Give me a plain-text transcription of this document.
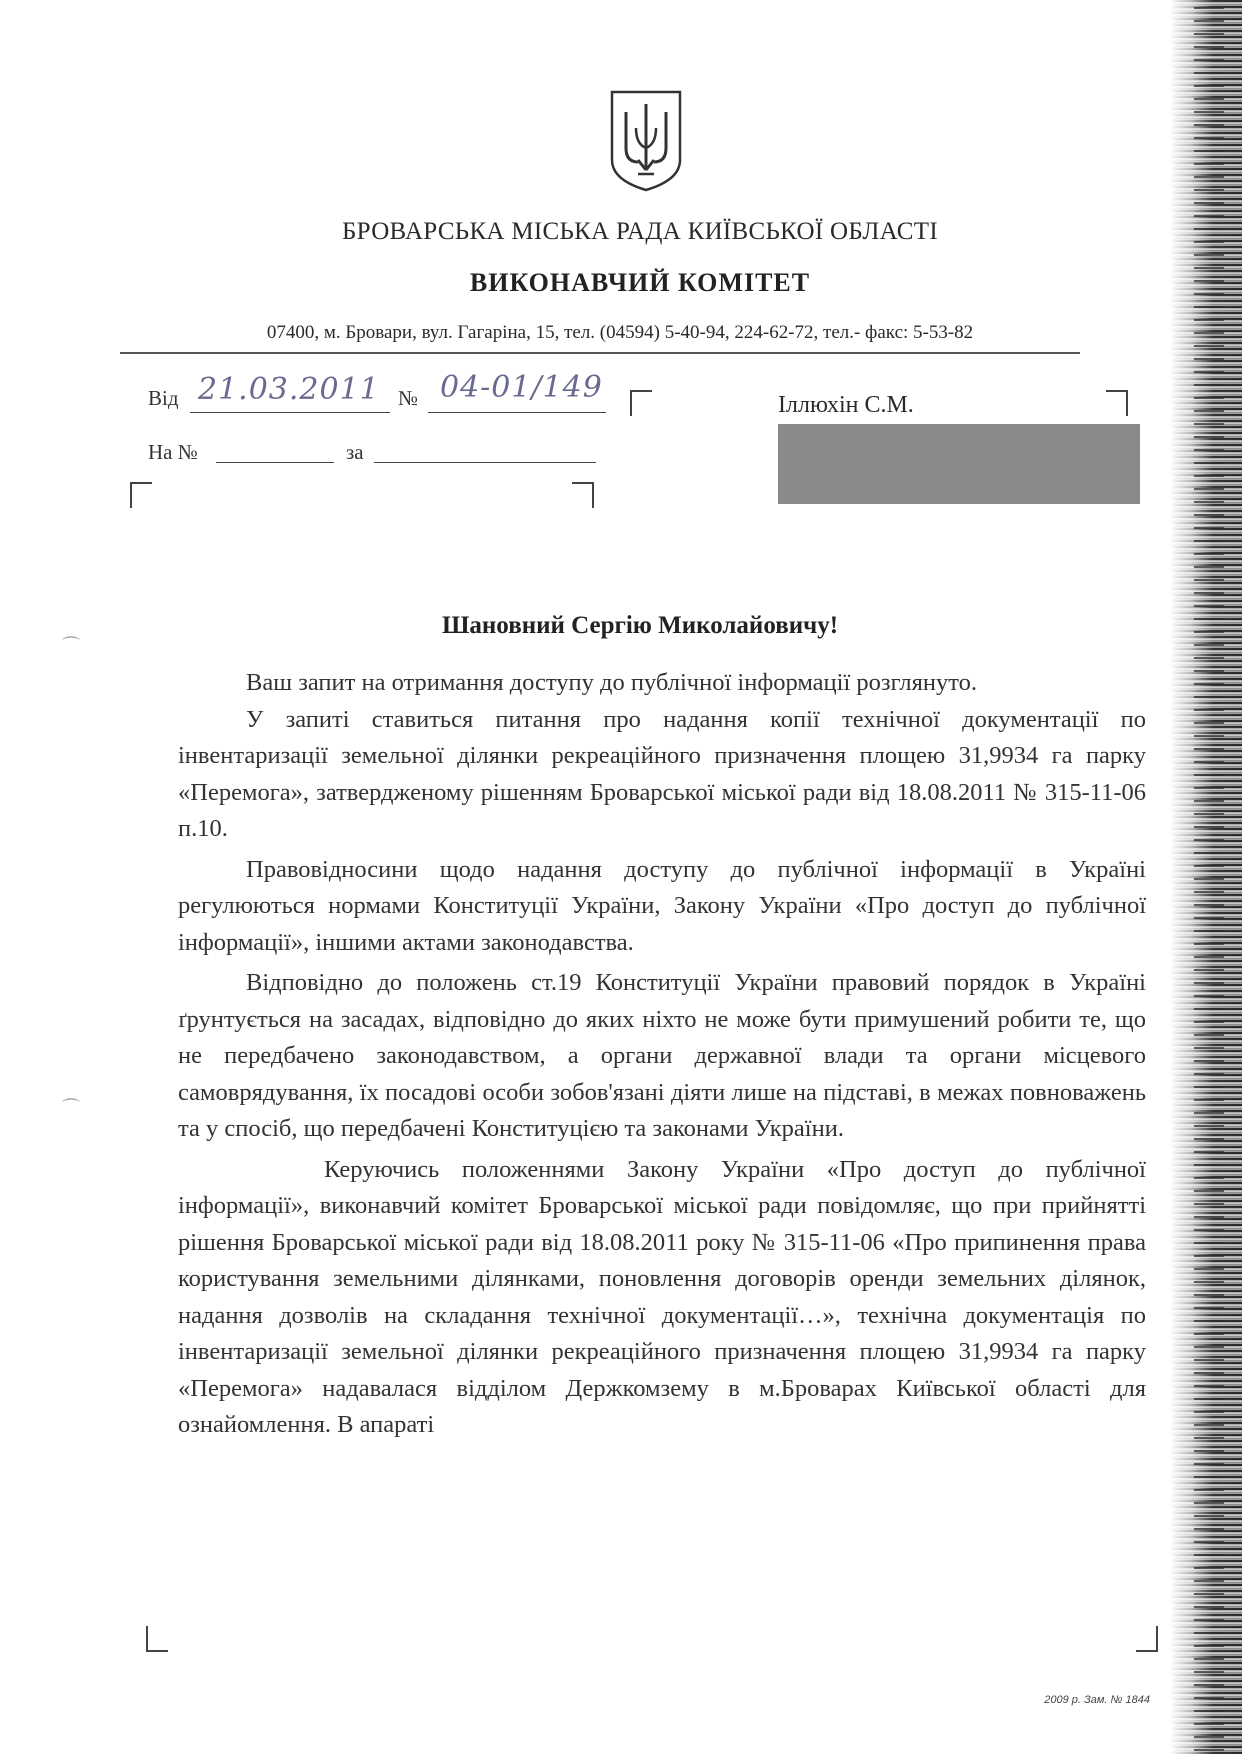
БРОВАРСЬКА МІСЬКА РАДА КИЇВСЬКОЇ ОБЛАСТІ
ВИКОНАВЧИЙ КОМІТЕТ
07400, м. Бровари, вул. Гагаріна, 15, тел. (04594) 5-40-94, 224-62-72, тел.- факс: 5-53-82
Від 21.03.2011 № 04-01/149
На №	за
Іллюхін С.М.
Шановний Сергію Миколайовичу!

Ваш запит на отримання доступу до публічної інформації розглянуто.

У запиті ставиться питання про надання копії технічної документації по інвентаризації земельної ділянки рекреаційного призначення площею 31,9934 га парку «Перемога», затвердженому рішенням Броварської міської ради від 18.08.2011 № 315-11-06 п.10.

Правовідносини щодо надання доступу до публічної інформації в Україні регулюються нормами Конституції України, Закону України «Про доступ до публічної інформації», іншими актами законодавства.

Відповідно до положень ст.19 Конституції України правовий порядок в Україні ґрунтується на засадах, відповідно до яких ніхто не може бути примушений робити те, що не передбачено законодавством, а органи державної влади та органи місцевого самоврядування, їх посадові особи зобов'язані діяти лише на підставі, в межах повноважень та у спосіб, що передбачені Конституцією та законами України.

Керуючись положеннями Закону України «Про доступ до публічної інформації», виконавчий комітет Броварської міської ради повідомляє, що при прийнятті рішення Броварської міської ради від 18.08.2011 року № 315-11-06 «Про припинення права користування земельними ділянками, поновлення договорів оренди земельних ділянок, надання дозволів на складання технічної документації…», технічна документація по інвентаризації земельної ділянки рекреаційного призначення площею 31,9934 га парку «Перемога» надавалася відділом Держкомзему в м.Броварах Київської області для ознайомлення. В апараті

⌒
⌒
2009 р. Зам. № 1844
